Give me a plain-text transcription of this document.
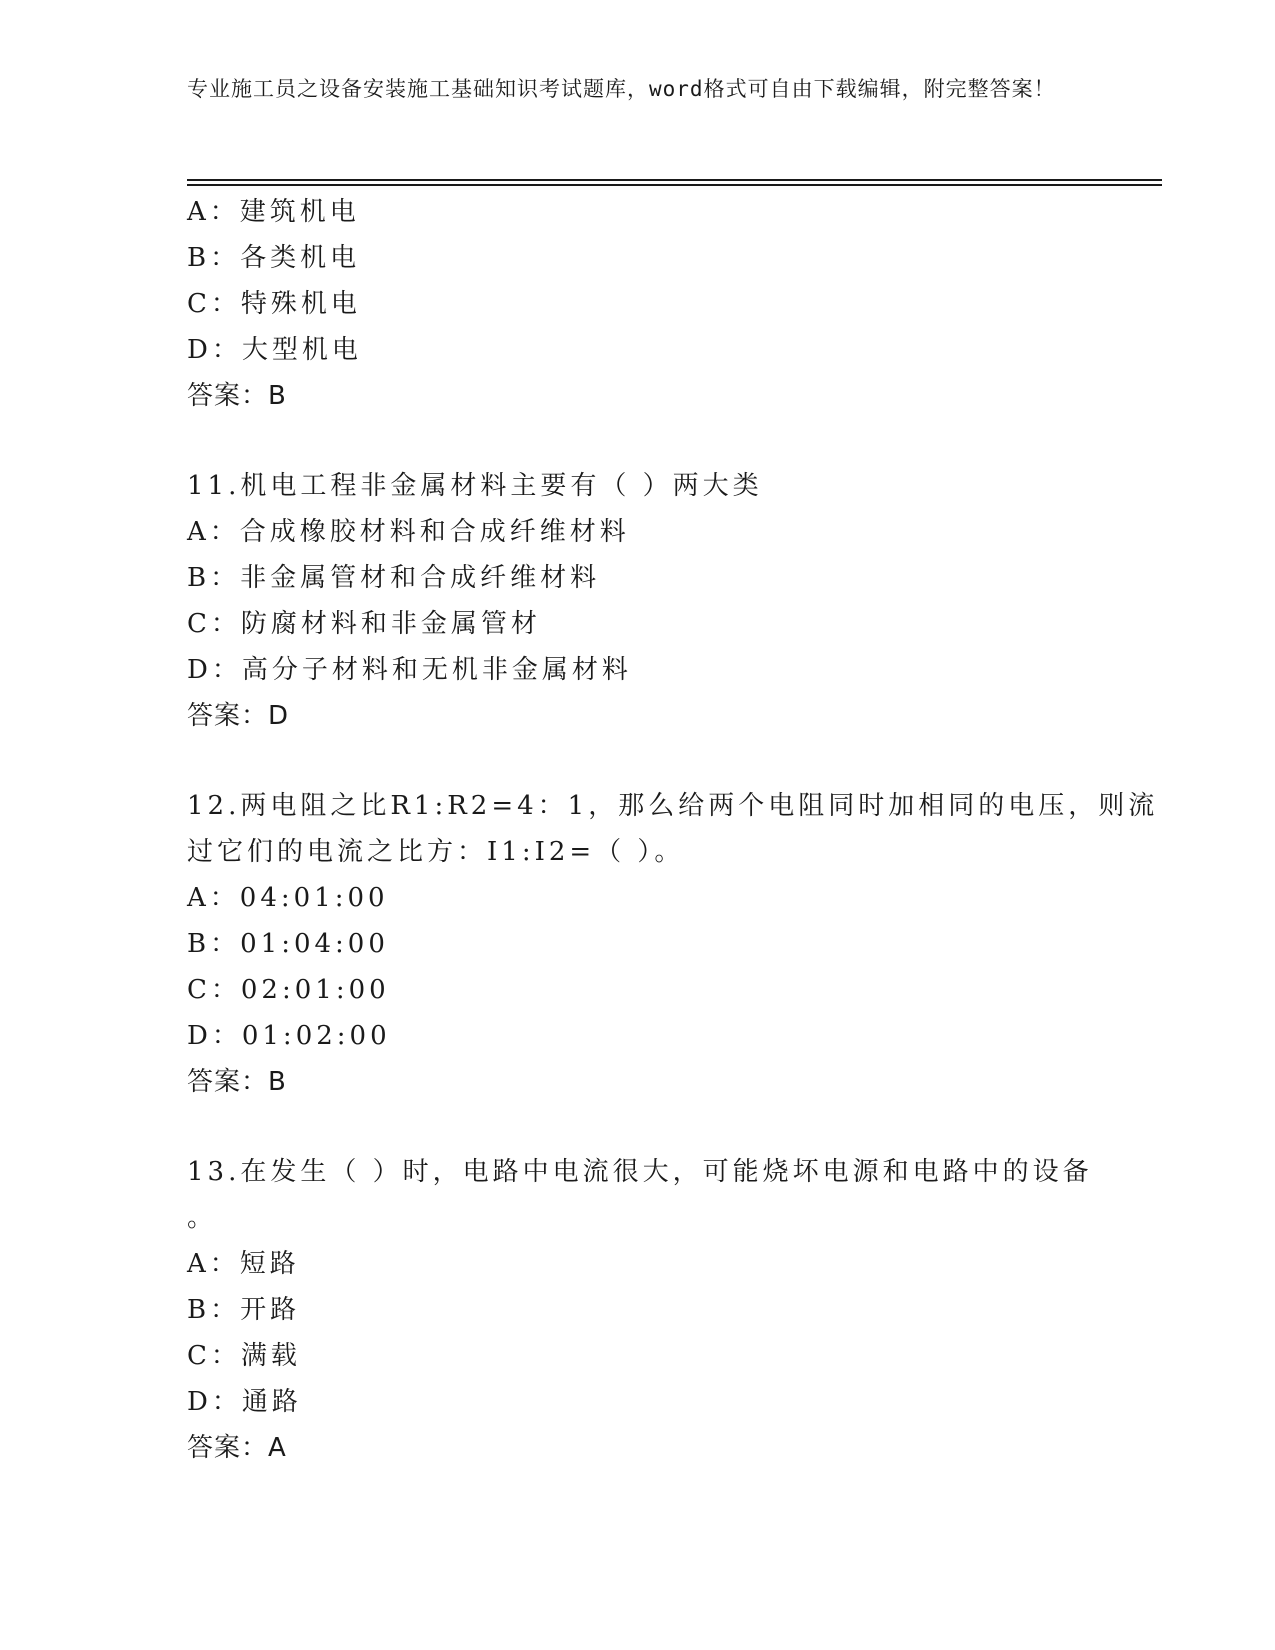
专业施工员之设备安装施工基础知识考试题库，word格式可自由下载编辑，附完整答案！
A：建筑机电
B：各类机电
C：特殊机电
D：大型机电
答案：B
11.机电工程非金属材料主要有（ ）两大类
A：合成橡胶材料和合成纤维材料
B：非金属管材和合成纤维材料
C：防腐材料和非金属管材
D：高分子材料和无机非金属材料
答案：D
12.两电阻之比R1:R2=4：1，那么给两个电阻同时加相同的电压，则流
过它们的电流之比方：I1:I2=（ ）。
A：04:01:00
B：01:04:00
C：02:01:00
D：01:02:00
答案：B
13.在发生（ ）时，电路中电流很大，可能烧坏电源和电路中的设备
。
A：短路
B：开路
C：满载
D：通路
答案：A
